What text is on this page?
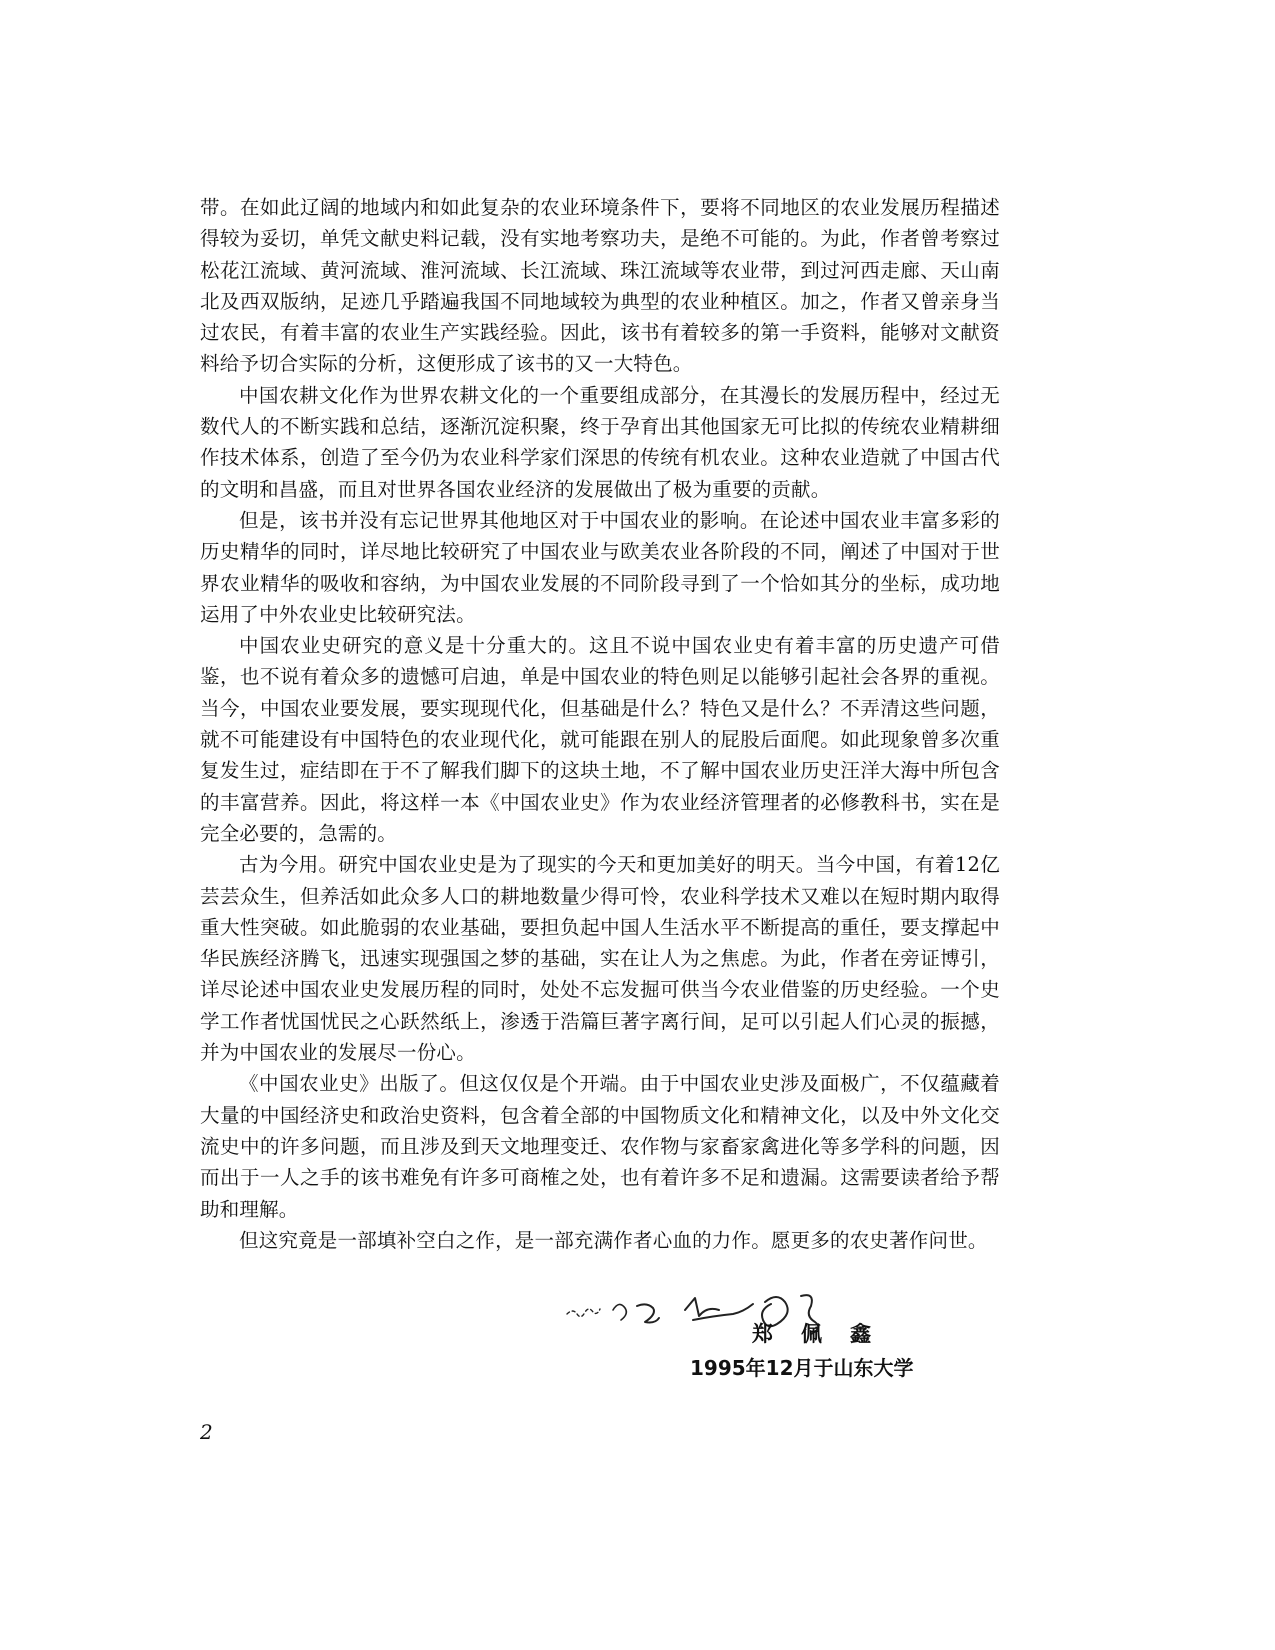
带。在如此辽阔的地域内和如此复杂的农业环境条件下，要将不同地区的农业发展历程描述得较为妥切，单凭文献史料记载，没有实地考察功夫，是绝不可能的。为此，作者曾考察过松花江流域、黄河流域、淮河流域、长江流域、珠江流域等农业带，到过河西走廊、天山南北及西双版纳，足迹几乎踏遍我国不同地域较为典型的农业种植区。加之，作者又曾亲身当过农民，有着丰富的农业生产实践经验。因此，该书有着较多的第一手资料，能够对文献资料给予切合实际的分析，这便形成了该书的又一大特色。

中国农耕文化作为世界农耕文化的一个重要组成部分，在其漫长的发展历程中，经过无数代人的不断实践和总结，逐渐沉淀积聚，终于孕育出其他国家无可比拟的传统农业精耕细作技术体系，创造了至今仍为农业科学家们深思的传统有机农业。这种农业造就了中国古代的文明和昌盛，而且对世界各国农业经济的发展做出了极为重要的贡献。

但是，该书并没有忘记世界其他地区对于中国农业的影响。在论述中国农业丰富多彩的历史精华的同时，详尽地比较研究了中国农业与欧美农业各阶段的不同，阐述了中国对于世界农业精华的吸收和容纳，为中国农业发展的不同阶段寻到了一个恰如其分的坐标，成功地运用了中外农业史比较研究法。

中国农业史研究的意义是十分重大的。这且不说中国农业史有着丰富的历史遗产可借鉴，也不说有着众多的遗憾可启迪，单是中国农业的特色则足以能够引起社会各界的重视。当今，中国农业要发展，要实现现代化，但基础是什么？特色又是什么？不弄清这些问题，就不可能建设有中国特色的农业现代化，就可能跟在别人的屁股后面爬。如此现象曾多次重复发生过，症结即在于不了解我们脚下的这块土地，不了解中国农业历史汪洋大海中所包含的丰富营养。因此，将这样一本《中国农业史》作为农业经济管理者的必修教科书，实在是完全必要的，急需的。

古为今用。研究中国农业史是为了现实的今天和更加美好的明天。当今中国，有着12亿芸芸众生，但养活如此众多人口的耕地数量少得可怜，农业科学技术又难以在短时期内取得重大性突破。如此脆弱的农业基础，要担负起中国人生活水平不断提高的重任，要支撑起中华民族经济腾飞，迅速实现强国之梦的基础，实在让人为之焦虑。为此，作者在旁证博引，详尽论述中国农业史发展历程的同时，处处不忘发掘可供当今农业借鉴的历史经验。一个史学工作者忧国忧民之心跃然纸上，渗透于浩篇巨著字离行间，足可以引起人们心灵的振撼，并为中国农业的发展尽一份心。

《中国农业史》出版了。但这仅仅是个开端。由于中国农业史涉及面极广，不仅蕴藏着大量的中国经济史和政治史资料，包含着全部的中国物质文化和精神文化，以及中外文化交流史中的许多问题，而且涉及到天文地理变迁、农作物与家畜家禽进化等多学科的问题，因而出于一人之手的该书难免有许多可商榷之处，也有着许多不足和遗漏。这需要读者给予帮助和理解。

但这究竟是一部填补空白之作，是一部充满作者心血的力作。愿更多的农史著作问世。

郑佩鑫
1995年12月于山东大学
2
